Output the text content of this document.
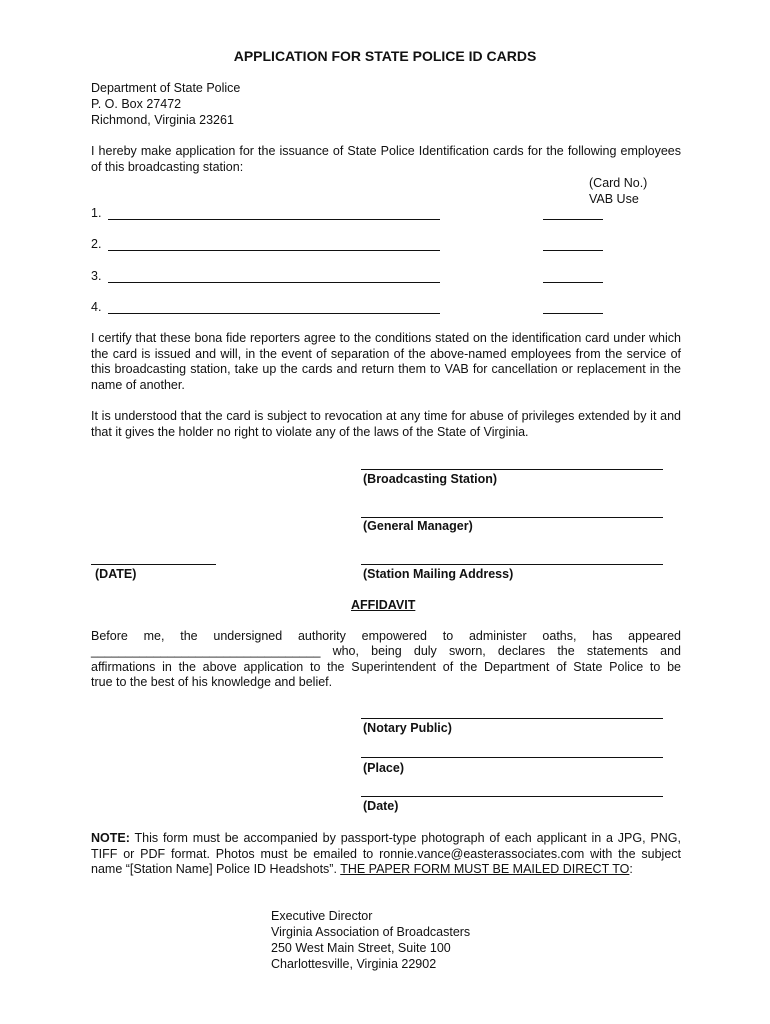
APPLICATION FOR STATE POLICE ID CARDS
Department of State Police
P. O. Box 27472
Richmond, Virginia 23261
I hereby make application for the issuance of State Police Identification cards for the following employees of this broadcasting station:
(Card No.)
VAB Use
1.
2.
3.
4.
I certify that these bona fide reporters agree to the conditions stated on the identification card under which the card is issued and will, in the event of separation of the above-named employees from the service of this broadcasting station, take up the cards and return them to VAB for cancellation or replacement in the name of another.
It is understood that the card is subject to revocation at any time for abuse of privileges extended by it and that it gives the holder no right to violate any of the laws of the State of Virginia.
(Broadcasting Station)
(General Manager)
(DATE)	(Station Mailing Address)
AFFIDAVIT
Before me, the undersigned authority empowered to administer oaths, has appeared
_________________________________ who, being duly sworn, declares the statements and
affirmations in the above application to the Superintendent of the Department of State Police to be
true to the best of his knowledge and belief.
(Notary Public)
(Place)
(Date)
NOTE: This form must be accompanied by passport-type photograph of each applicant in a JPG, PNG, TIFF or PDF format. Photos must be emailed to ronnie.vance@easterassociates.com with the subject name “[Station Name] Police ID Headshots”. THE PAPER FORM MUST BE MAILED DIRECT TO:
Executive Director
Virginia Association of Broadcasters
250 West Main Street, Suite 100
Charlottesville, Virginia 22902
